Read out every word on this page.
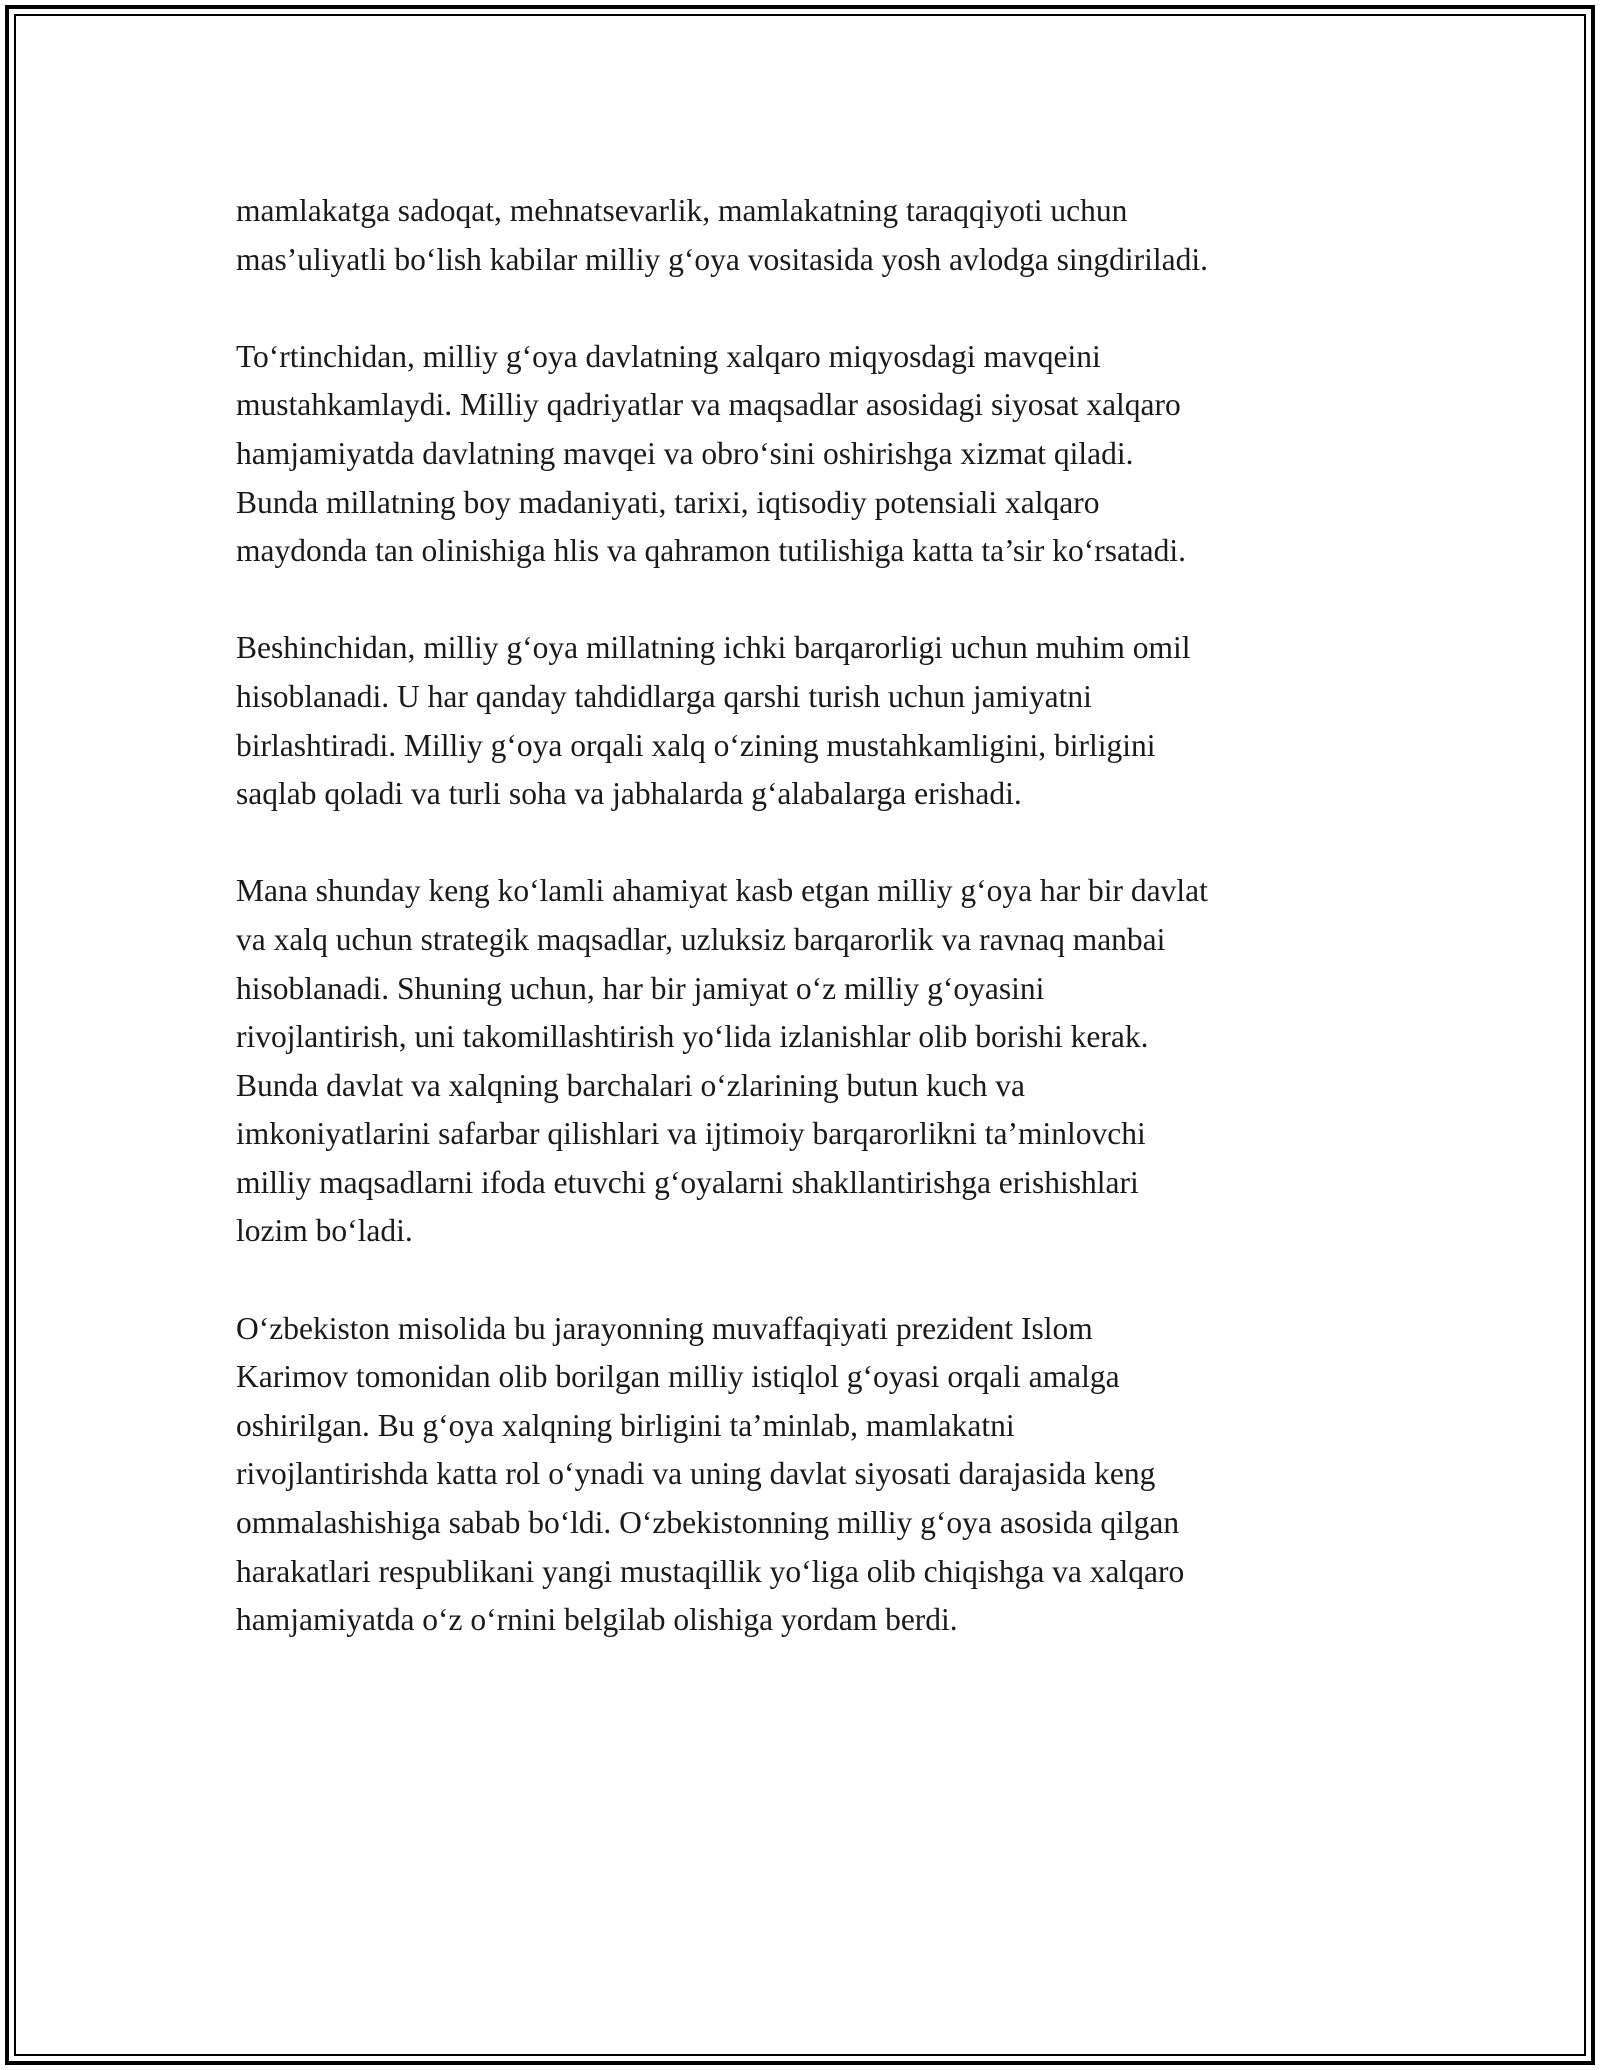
mamlakatga sadoqat, mehnatsevarlik, mamlakatning taraqqiyoti uchun
mas’uliyatli bo‘lish kabilar milliy g‘oya vositasida yosh avlodga singdiriladi.

To‘rtinchidan, milliy g‘oya davlatning xalqaro miqyosdagi mavqeini
mustahkamlaydi. Milliy qadriyatlar va maqsadlar asosidagi siyosat xalqaro
hamjamiyatda davlatning mavqei va obro‘sini oshirishga xizmat qiladi.
Bunda millatning boy madaniyati, tarixi, iqtisodiy potensiali xalqaro
maydonda tan olinishiga hlis va qahramon tutilishiga katta ta’sir ko‘rsatadi.

Beshinchidan, milliy g‘oya millatning ichki barqarorligi uchun muhim omil
hisoblanadi. U har qanday tahdidlarga qarshi turish uchun jamiyatni
birlashtiradi. Milliy g‘oya orqali xalq o‘zining mustahkamligini, birligini
saqlab qoladi va turli soha va jabhalarda g‘alabalarga erishadi.

Mana shunday keng ko‘lamli ahamiyat kasb etgan milliy g‘oya har bir davlat
va xalq uchun strategik maqsadlar, uzluksiz barqarorlik va ravnaq manbai
hisoblanadi. Shuning uchun, har bir jamiyat o‘z milliy g‘oyasini
rivojlantirish, uni takomillashtirish yo‘lida izlanishlar olib borishi kerak.
Bunda davlat va xalqning barchalari o‘zlarining butun kuch va
imkoniyatlarini safarbar qilishlari va ijtimoiy barqarorlikni ta’minlovchi
milliy maqsadlarni ifoda etuvchi g‘oyalarni shakllantirishga erishishlari
lozim bo‘ladi.

O‘zbekiston misolida bu jarayonning muvaffaqiyati prezident Islom
Karimov tomonidan olib borilgan milliy istiqlol g‘oyasi orqali amalga
oshirilgan. Bu g‘oya xalqning birligini ta’minlab, mamlakatni
rivojlantirishda katta rol o‘ynadi va uning davlat siyosati darajasida keng
ommalashishiga sabab bo‘ldi. O‘zbekistonning milliy g‘oya asosida qilgan
harakatlari respublikani yangi mustaqillik yo‘liga olib chiqishga va xalqaro
hamjamiyatda o‘z o‘rnini belgilab olishiga yordam berdi.
